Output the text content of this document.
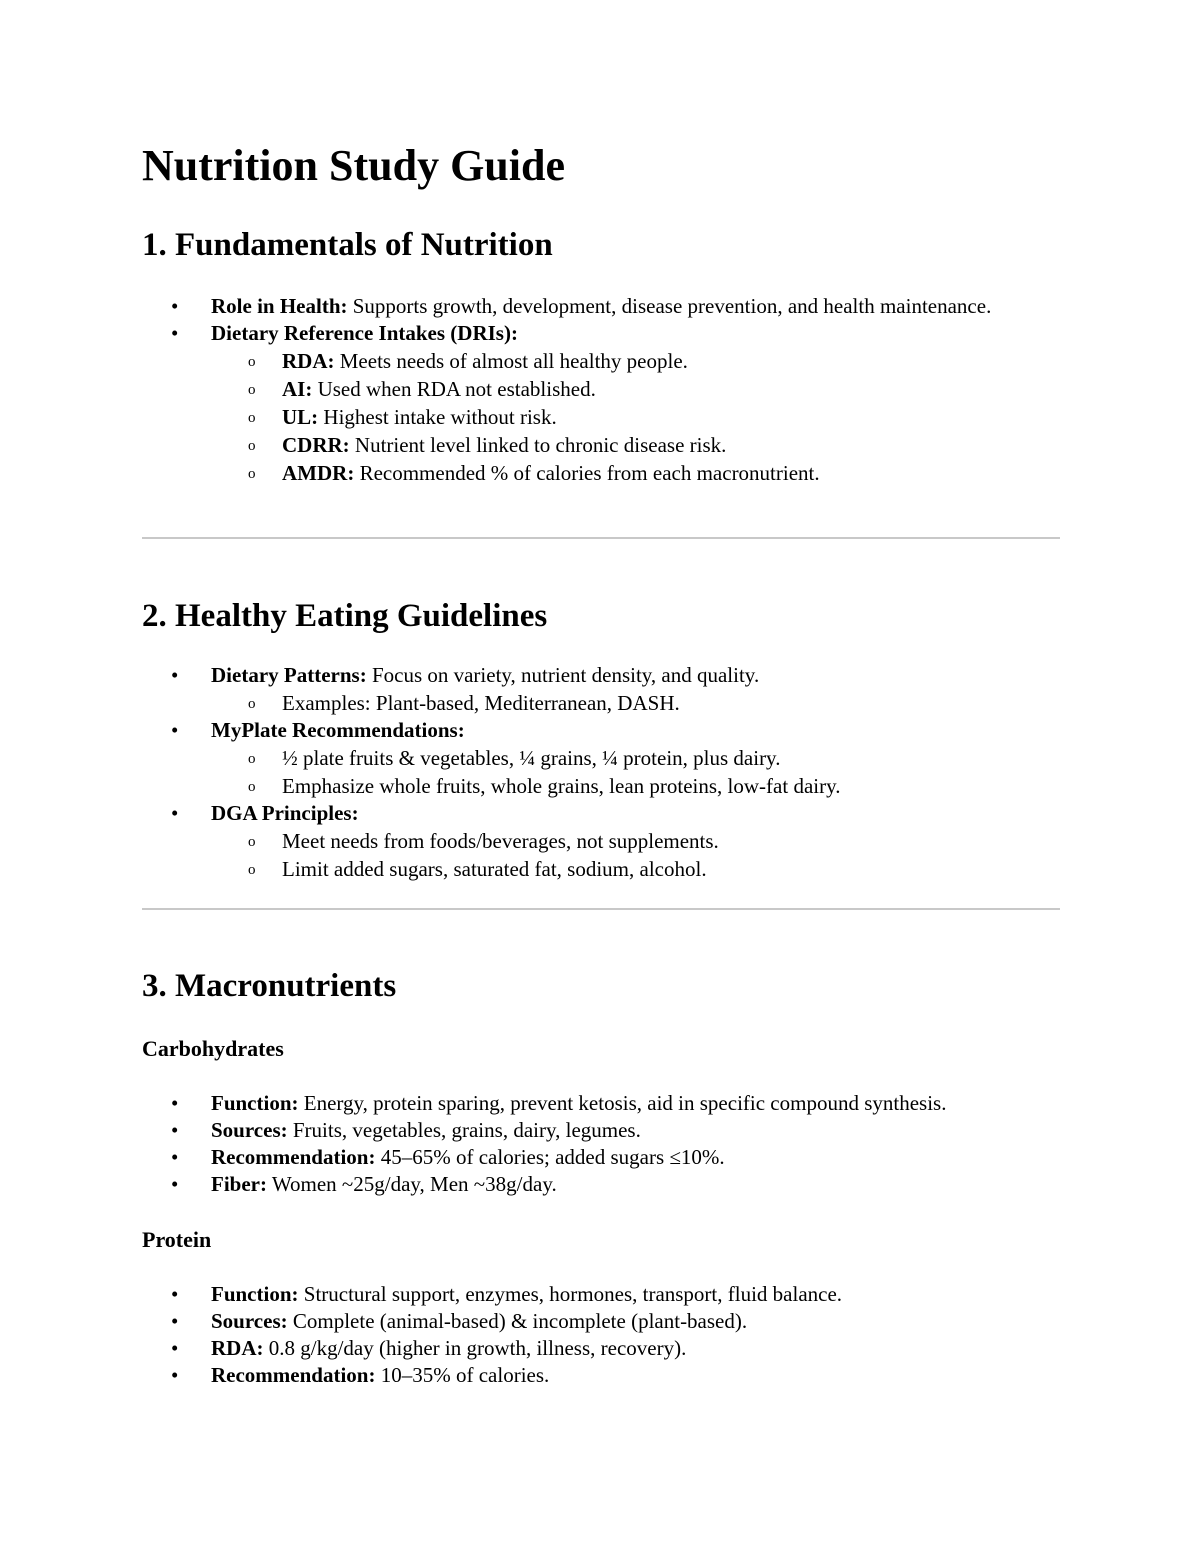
Nutrition Study Guide
1. Fundamentals of Nutrition
• Role in Health: Supports growth, development, disease prevention, and health maintenance.
• Dietary Reference Intakes (DRIs):
o RDA: Meets needs of almost all healthy people.
o AI: Used when RDA not established.
o UL: Highest intake without risk.
o CDRR: Nutrient level linked to chronic disease risk.
o AMDR: Recommended % of calories from each macronutrient.
2. Healthy Eating Guidelines
• Dietary Patterns: Focus on variety, nutrient density, and quality.
o Examples: Plant-based, Mediterranean, DASH.
• MyPlate Recommendations:
o ½ plate fruits & vegetables, ¼ grains, ¼ protein, plus dairy.
o Emphasize whole fruits, whole grains, lean proteins, low-fat dairy.
• DGA Principles:
o Meet needs from foods/beverages, not supplements.
o Limit added sugars, saturated fat, sodium, alcohol.
3. Macronutrients
Carbohydrates
• Function: Energy, protein sparing, prevent ketosis, aid in specific compound synthesis.
• Sources: Fruits, vegetables, grains, dairy, legumes.
• Recommendation: 45–65% of calories; added sugars ≤10%.
• Fiber: Women ~25g/day, Men ~38g/day.
Protein
• Function: Structural support, enzymes, hormones, transport, fluid balance.
• Sources: Complete (animal-based) & incomplete (plant-based).
• RDA: 0.8 g/kg/day (higher in growth, illness, recovery).
• Recommendation: 10–35% of calories.
